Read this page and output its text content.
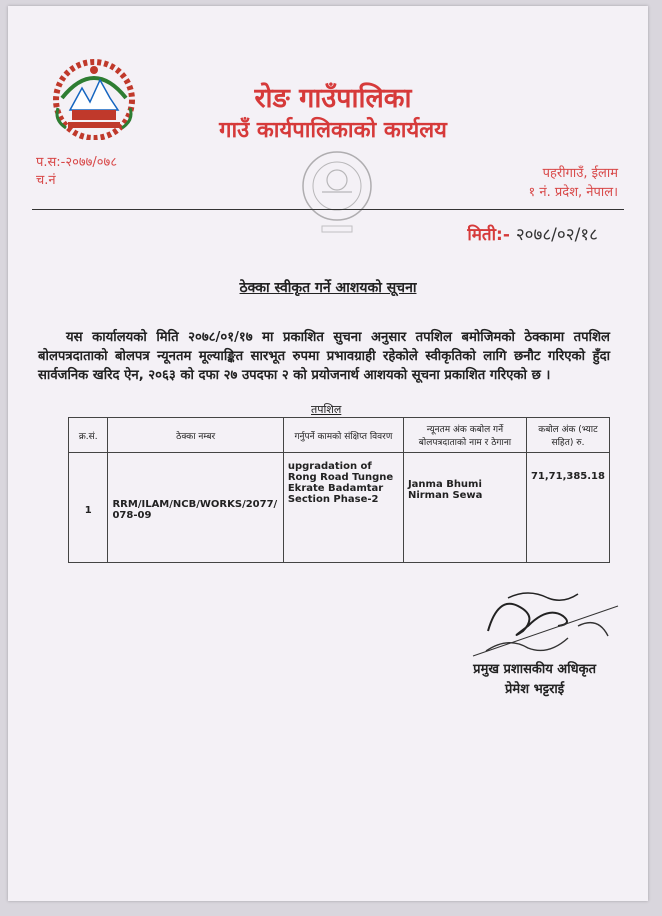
रोङ गाउँपालिका
गाउँ कार्यपालिकाको कार्यलय
प.स:-२०७७/०७८
च.नं	पहरीगाउँ, ईलाम
१ नं. प्रदेश, नेपाल।
मिती:- २०७८/०२/१८
ठेक्का स्वीकृत गर्ने आशयको सूचना

यस कार्यालयको मिति २०७८/०१/१७ मा प्रकाशित सुचना अनुसार तपशिल बमोजिमको ठेक्कामा तपशिल बोलपत्रदाताको बोलपत्र न्यूनतम मूल्याङ्कित सारभूत रुपमा प्रभावग्राही रहेकोले स्वीकृतिको लागि छनौट गरिएको हुँदा सार्वजनिक खरिद ऐन, २०६३ को दफा २७ उपदफा २ को प्रयोजनार्थ आशयको सूचना प्रकाशित गरिएको छ ।

तपशिल
क्र.सं.	ठेक्का नम्बर	गर्नुपर्ने कामको संक्षिप्त विवरण	न्यूनतम अंक कबोल गर्ने बोलपत्रदाताको नाम र ठेगाना	कबोल अंक (भ्याट सहित) रु.
1	RRM/ILAM/NCB/WORKS/2077/078-09	upgradation of Rong Road Tungne Ekrate Badamtar Section Phase-2	Janma Bhumi Nirman Sewa	71,71,385.18
प्रमुख प्रशासकीय अधिकृत
प्रेमेश भट्टराई
